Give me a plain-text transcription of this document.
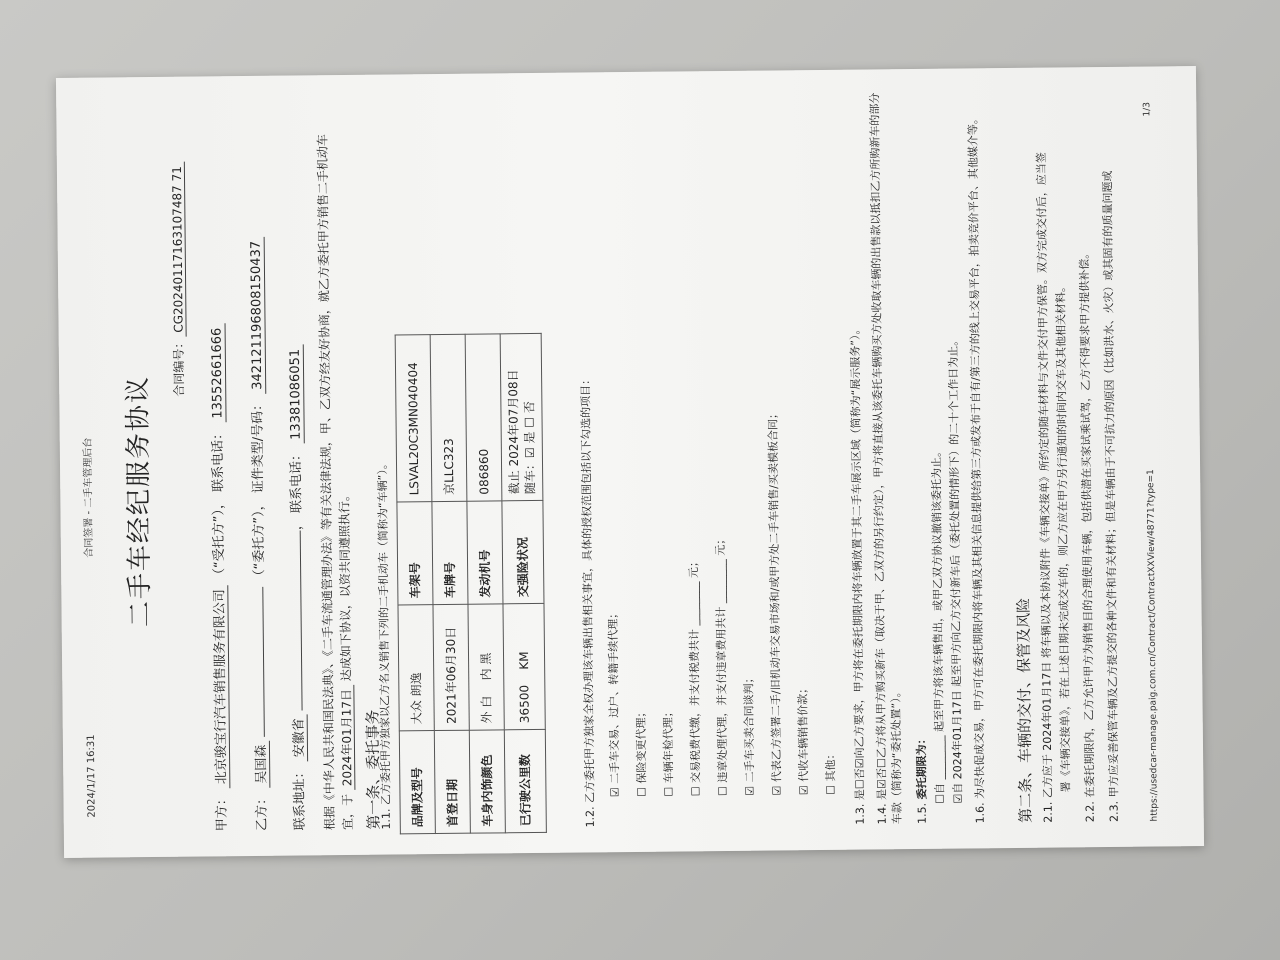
2024/1/17 16:31
合同签署 - 二手车管理后台 二手车经纪服务协议
合同编号：CG20240117163107487 71
甲方： 北京骏宝行汽车销售服务有限公司 （“受托方”）， 联系电话： 13552661666
乙方： 吴国森  （“委托方”）， 证件类型/号码： 342121196808150437
联系地址： 安徽省 ， 联系电话： 13381086051 根据《中华人民共和国民法典》、《二手车流通管理办法》等有关法律法规，甲、乙双方经友好协商，就乙方委托甲方销售二手机动车 宜，于 2024年01月17日 达成如下协议，以资共同遵照执行。
第一条、委托事务
1.1. 乙方委托甲方独家以乙方名义销售下列的二手机动车（简称为“车辆”）。 品牌及型号	大众 朗逸	车架号	LSVAL20C3MN040404
首登日期	2021年06月30日	车牌号	京LLC323
车身内饰颜色	外 白    内 黑	发动机号	086860
已行驶公里数	36500    KM	交强险状况	截止 2024年07月08日 随车：☑ 是 ☐ 否
1.2. 乙方委托甲方独家全权办理该车辆出售相关事宜，具体的授权范围包括以下勾选的项目： ☑ 二手车交易、过户、转籍手续代理；	☐ 保险变更代理；	☐ 车辆年检代理；	☐ 交易税费代缴，并支付税费共计 ________ 元；	☐ 违章处理代理，并支付违章费用共计 ________ 元；	☑ 二手车买卖合同谈判； ☑ 代表乙方签署二手/旧机动车交易市场和/或甲方处二手车销售/买卖模板合同；	☑ 代收车辆销售价款；	☐ 其他：
1.3. 是☐否☑向乙方要求，甲方将在委托期限内将车辆放置于其二手车展示区域（简称为“展示服务”）。
1.4. 是☑否☐乙方将从甲方购买新车（取决于甲、乙双方的另行约定），甲方将直接从该委托车辆购买方处收取车辆的出售款以抵扣乙方所购新车的部分车款（简称为“委托处置”）。 1.5. 委托期限为： ☐自 ________ 起至甲方将该车辆售出，或甲乙双方协议撤销该委托为止。 ☑自 2024年01月17日 起至甲方向乙方交付新车后（委托处置的情形下）的二十个工作日为止。
1.6. 为尽快促成交易，甲方可在委托期限内将车辆及其相关信息提供给第三方或发布于自有/第三方的线上交易平台，拍卖竞价平台、其他媒介等。 第二条、车辆的交付、保管及风险 2.1. 乙方应于 2024年01月17日 将车辆以及本协议附件《车辆交接单》所约定的随车材料与文件交付甲方保管。双方完成交付后，应当签 署《车辆交接单》，若在上述日期未完成交车的，则乙方应在甲方另行通知的时间内交车及其他相关材料。
2.2. 在委托期限内，乙方允许甲方为销售目的合理使用车辆，包括供潜在买家试乘试驾，乙方不得要求甲方提供补偿。
2.3. 甲方应妥善保管车辆及乙方提交的各种文件和有关材料；但是车辆由于不可抗力的原因（比如洪水、火灾）或其固有的质量问题或	https://usedcar-manage.paig.com.cn/Contract/ContractXXView/48771?type=1
1/3
